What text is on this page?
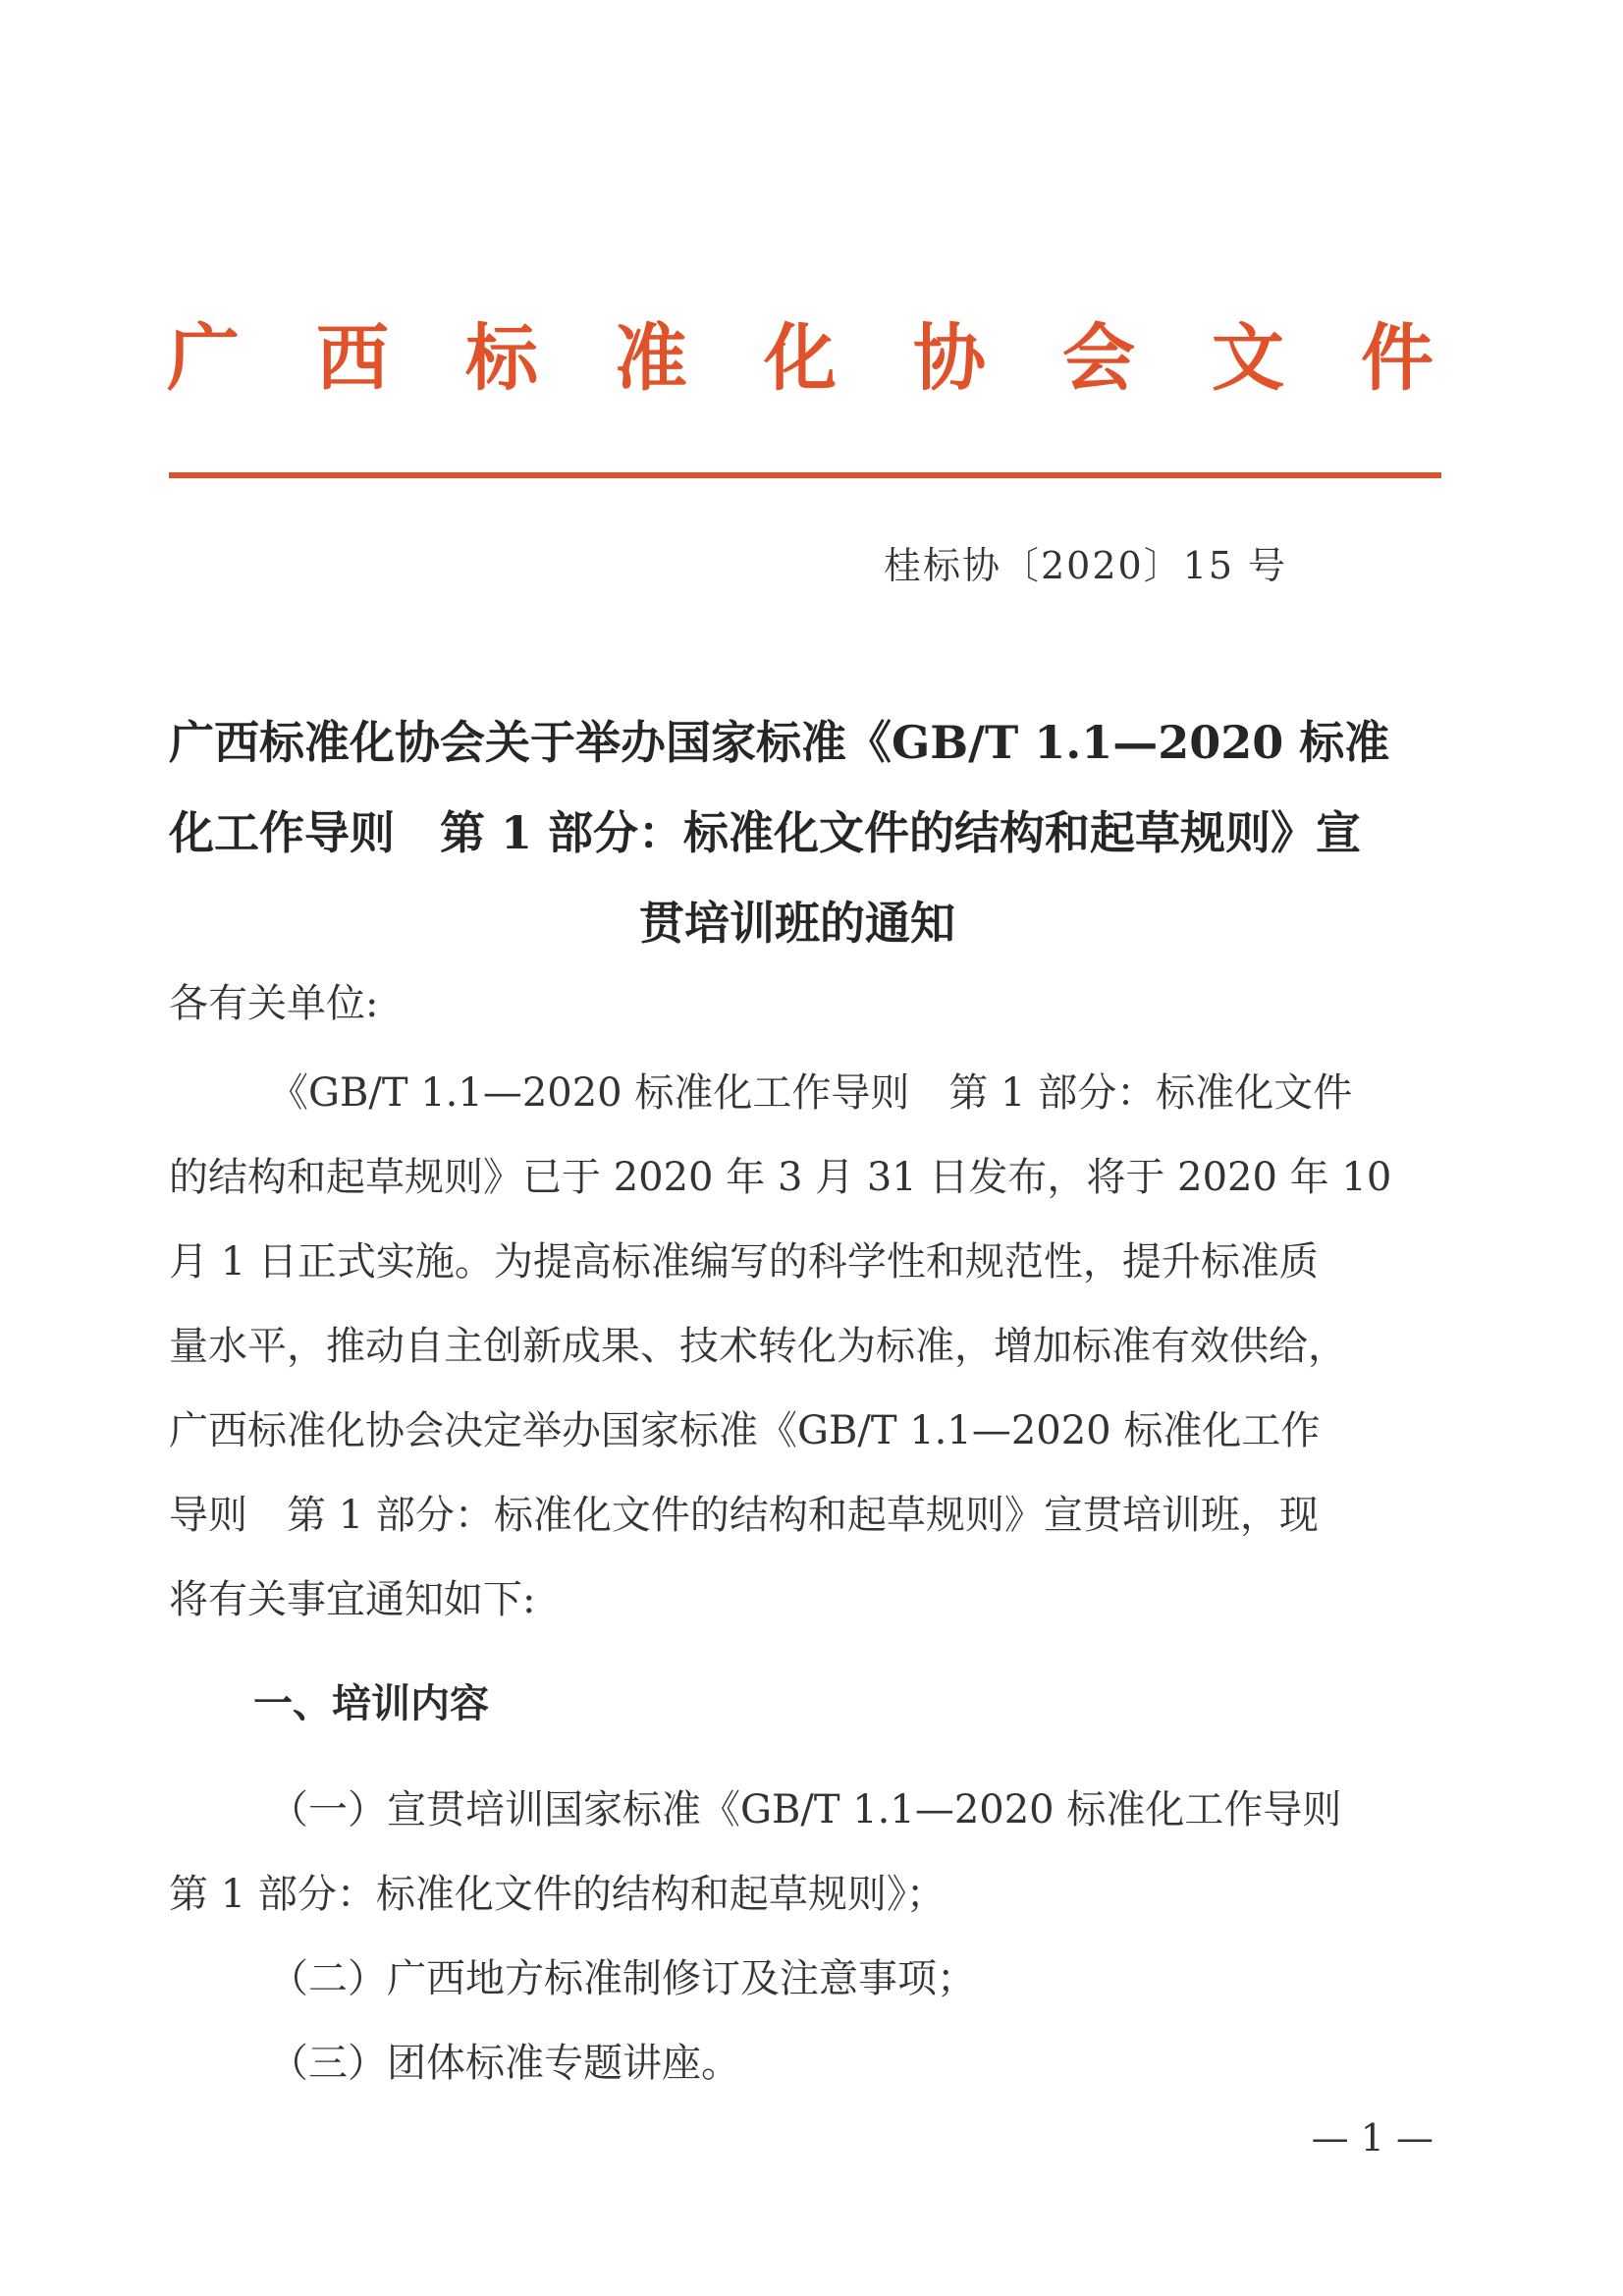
广 西 标 准 化 协 会 文 件
桂标协〔2020〕15 号
广西标准化协会关于举办国家标准《GB/T 1.1—2020 标准
化工作导则　第 1 部分：标准化文件的结构和起草规则》宣
贯培训班的通知
各有关单位:
《GB/T 1.1—2020 标准化工作导则　第 1 部分：标准化文件
的结构和起草规则》已于 2020 年 3 月 31 日发布，将于 2020 年 10
月 1 日正式实施。为提高标准编写的科学性和规范性，提升标准质
量水平，推动自主创新成果、技术转化为标准，增加标准有效供给，
广西标准化协会决定举办国家标准《GB/T 1.1—2020 标准化工作
导则　第 1 部分：标准化文件的结构和起草规则》宣贯培训班，现
将有关事宜通知如下:
一、培训内容
（一）宣贯培训国家标准《GB/T 1.1—2020 标准化工作导则
第 1 部分：标准化文件的结构和起草规则》；
（二）广西地方标准制修订及注意事项；
（三）团体标准专题讲座。
— 1 —
